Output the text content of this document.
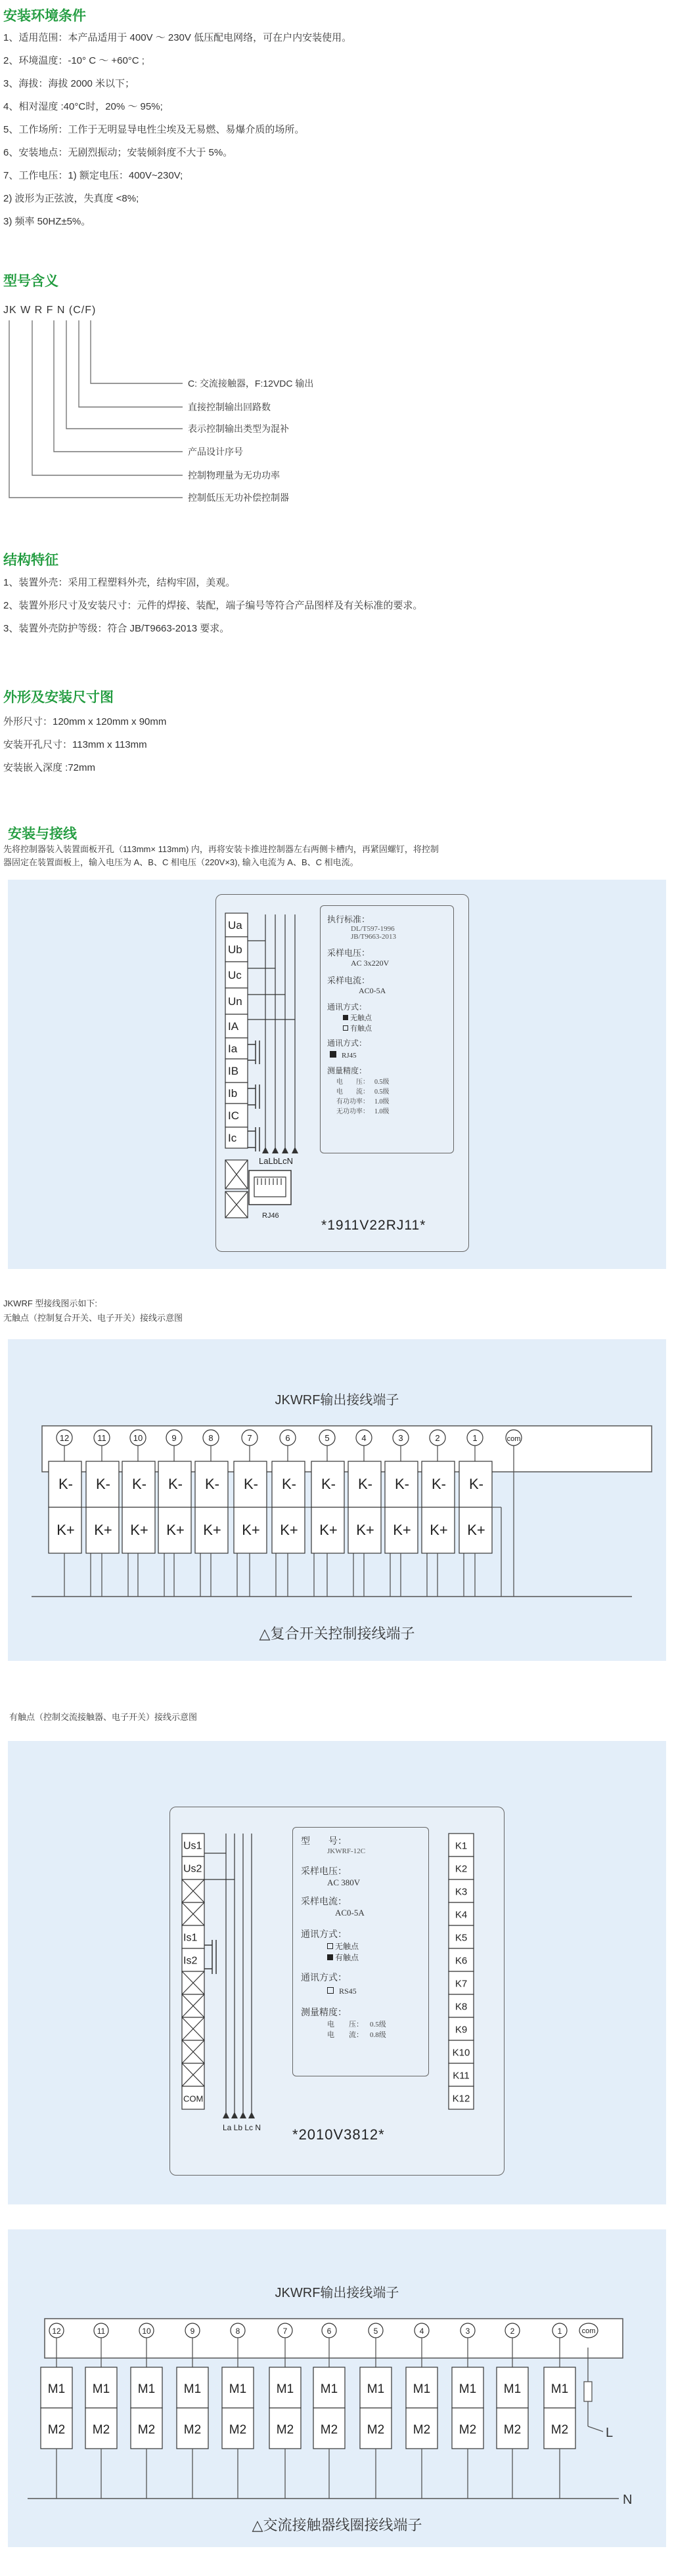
安装环境条件
1、适用范围：本产品适用于 400V ～ 230V 低压配电网络，可在户内安装使用。
2、环境温度：-10° C ～ +60°C ;
3、海拔：海拔 2000 米以下；
4、相对湿度 :40°C时，20% ～ 95%;
5、工作场所：工作于无明显导电性尘埃及无易燃、易爆介质的场所。
6、安装地点：无剧烈振动；安装倾斜度不大于 5%。
7、工作电压：1) 额定电压：400V~230V;
2) 波形为正弦波，失真度 <8%;
3) 频率 50HZ±5%。
型号含义
JK W R F N (C/F)
C: 交流接触器，F:12VDC 输出
直接控制输出回路数
表示控制输出类型为混补
产品设计序号
控制物理量为无功功率
控制低压无功补偿控制器
结构特征
1、装置外壳：采用工程塑料外壳，结构牢固，美观。
2、装置外形尺寸及安装尺寸：元件的焊接、装配，端子编号等符合产品图样及有关标准的要求。
3、装置外壳防护等级：符合 JB/T9663-2013 要求。
外形及安装尺寸图
外形尺寸：120mm x 120mm x 90mm
安装开孔尺寸：113mm x 113mm
安装嵌入深度 :72mm
安装与接线
先将控制器装入装置面板开孔（113mm× 113mm) 内，再将安装卡推进控制器左右两侧卡槽内，再紧固螺钉，将控制
器固定在装置面板上，输入电压为 A、B、C 相电压（220V×3), 输入电流为 A、B、C 相电流。
Ua
Ub
Uc
Un
IA
Ia
IB
Ib
IC
Ic
LaLbLcN
RJ46
执行标准：
DL/T597-1996
JB/T9663-2013
采样电压：
AC 3x220V
采样电流：
AC0-5A
通讯方式：
无触点
有触点
通讯方式：
RJ45
测量精度：
电　　压： 0.5级
电　　流： 0.5级
有功功率： 1.0级
无功功率： 1.0级
*1911V22RJ11*
JKWRF 型接线图示如下:
无触点（控制复合开关、电子开关）接线示意图
JKWRF输出接线端子
12	11	10	9	8	7	6	5	4	3	2	1	com
K-
K+
K-
K+
K-
K+
K-
K+
K-
K+
K-
K+
K-
K+
K-
K+
K-
K+
K-
K+
K-
K+
K-
K+
△复合开关控制接线端子
有触点（控制交流接触器、电子开关）接线示意图
Us1
Us2
Is1
Is2
COM
K1
K2
K3
K4
K5
K6
K7
K8
K9
K10
K11
K12
La Lb Lc N
型　　号：
JKWRF-12C
采样电压：
AC 380V
采样电流：
AC0-5A
通讯方式：
无触点
有触点
通讯方式：
RS45
测量精度：
电　　压： 0.5级
电　　流： 0.8级
*2010V3812*
JKWRF输出接线端子
12
M1
M2
11
M1
M2
10
M1
M2
9
M1
M2
8
M1
M2
7
M1
M2
6
M1
M2
5
M1
M2
4
M1
M2
3
M1
M2
2
M1
M2
1
M1
M2
com
L
N
△交流接触器线圈接线端子
